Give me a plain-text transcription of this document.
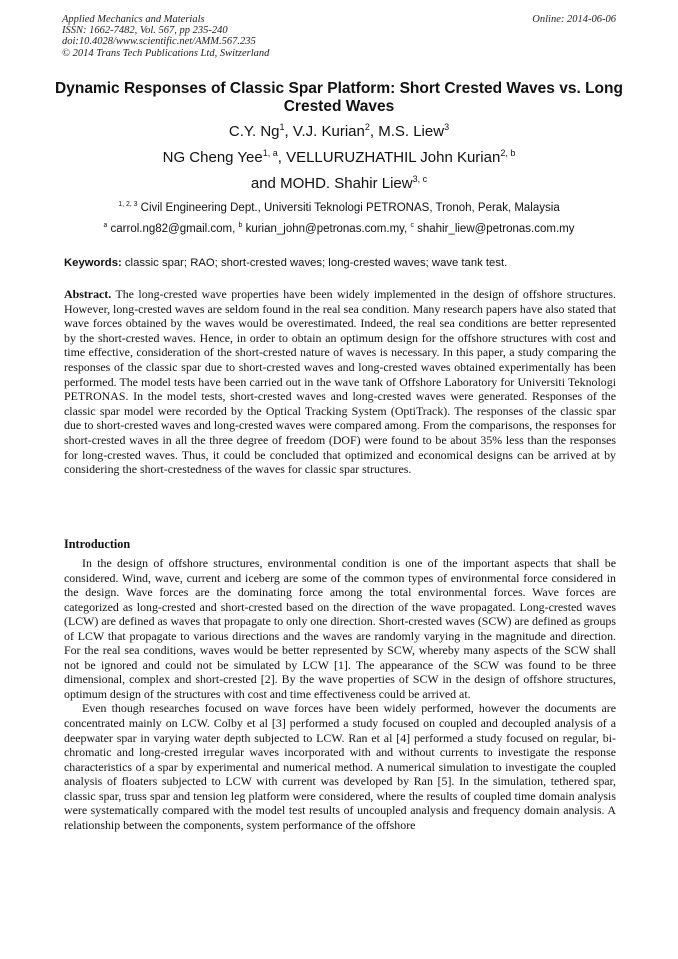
Applied Mechanics and Materials
ISSN: 1662-7482, Vol. 567, pp 235-240
doi:10.4028/www.scientific.net/AMM.567.235
© 2014 Trans Tech Publications Ltd, Switzerland
Online: 2014-06-06
Dynamic Responses of Classic Spar Platform: Short Crested Waves vs. Long Crested Waves
C.Y. Ng$^1$, V.J. Kurian$^2$, M.S. Liew$^3$
NG Cheng Yee$^{1, a}$, VELLURUZHATHIL John Kurian$^{2, b}$
and MOHD. Shahir Liew$^{3, c}$
$^{1, 2, 3}$ Civil Engineering Dept., Universiti Teknologi PETRONAS, Tronoh, Perak, Malaysia
$^a$ carrol.ng82@gmail.com, $^b$ kurian_john@petronas.com.my, $^c$ shahir_liew@petronas.com.my
Keywords: classic spar; RAO; short-crested waves; long-crested waves; wave tank test.
Abstract. The long-crested wave properties have been widely implemented in the design of offshore structures. However, long-crested waves are seldom found in the real sea condition. Many research papers have also stated that wave forces obtained by the waves would be overestimated. Indeed, the real sea conditions are better represented by the short-crested waves. Hence, in order to obtain an optimum design for the offshore structures with cost and time effective, consideration of the short-crested nature of waves is necessary. In this paper, a study comparing the responses of the classic spar due to short-crested waves and long-crested waves obtained experimentally has been performed. The model tests have been carried out in the wave tank of Offshore Laboratory for Universiti Teknologi PETRONAS. In the model tests, short-crested waves and long-crested waves were generated. Responses of the classic spar model were recorded by the Optical Tracking System (OptiTrack). The responses of the classic spar due to short-crested waves and long-crested waves were compared among. From the comparisons, the responses for short-crested waves in all the three degree of freedom (DOF) were found to be about 35% less than the responses for long-crested waves. Thus, it could be concluded that optimized and economical designs can be arrived at by considering the short-crestedness of the waves for classic spar structures.
Introduction

In the design of offshore structures, environmental condition is one of the important aspects that shall be considered. Wind, wave, current and iceberg are some of the common types of environmental force considered in the design. Wave forces are the dominating force among the total environmental forces. Wave forces are categorized as long-crested and short-crested based on the direction of the wave propagated. Long-crested waves (LCW) are defined as waves that propagate to only one direction. Short-crested waves (SCW) are defined as groups of LCW that propagate to various directions and the waves are randomly varying in the magnitude and direction. For the real sea conditions, waves would be better represented by SCW, whereby many aspects of the SCW shall not be ignored and could not be simulated by LCW [1]. The appearance of the SCW was found to be three dimensional, complex and short-crested [2]. By the wave properties of SCW in the design of offshore structures, optimum design of the structures with cost and time effectiveness could be arrived at.

Even though researches focused on wave forces have been widely performed, however the documents are concentrated mainly on LCW. Colby et al [3] performed a study focused on coupled and decoupled analysis of a deepwater spar in varying water depth subjected to LCW. Ran et al [4] performed a study focused on regular, bi-chromatic and long-crested irregular waves incorporated with and without currents to investigate the response characteristics of a spar by experimental and numerical method. A numerical simulation to investigate the coupled analysis of floaters subjected to LCW with current was developed by Ran [5]. In the simulation, tethered spar, classic spar, truss spar and tension leg platform were considered, where the results of coupled time domain analysis were systematically compared with the model test results of uncoupled analysis and frequency domain analysis. A relationship between the components, system performance of the offshore
